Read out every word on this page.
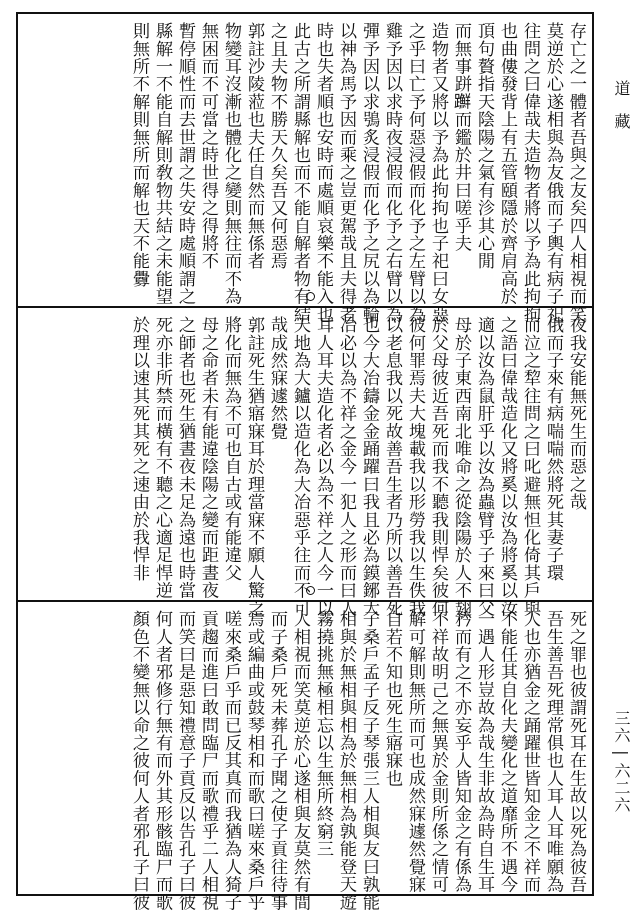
存亡之一體者吾與之友矣四人相視而笑
莫逆於心遂相與為友俄而子輿有病子祀
往問之曰偉哉夫造物者將以予為此拘拘
也曲僂發背上有五管頤隱於齊肩高於
頂句贅指天陰陽之氣有沴其心閒
而無事跰𨇤而鑑於井曰嗟乎夫
造物者又將以予為此拘拘也子祀曰女惡
之乎曰亡予何惡浸假而化予之左臂以為
雞予因以求時夜浸假而化予之右臂以為
彈予因以求鴞炙浸假而化予之尻以為輪
以神為馬予因而乘之豈更駕哉且夫得者
時也失者順也安時而處順哀樂不能入也
此古之所謂縣解也而不能自解者物有結
之且夫物不勝天久矣吾又何惡焉
郭註沙陵蒞也夫任自然而無係者
物變耳沒漸也體化之變則無往而不為
無困而不可當之時世得之得將不
暫停順性而去世謂之失安時處順謂之
縣解一不能自解則敎物共結之未能望
則無所不解則無所而解也天不能釁
夜我安能無死生而惡之哉
俄而子來有病喘喘然將死其妻子環
而泣之犂往問之曰叱避無怛化倚其戶與
之語曰偉哉造化又將奚以汝為將奚以汝
適以汝為鼠肝乎以汝為蟲臂乎子來曰父
母於子東西南北唯命之從陰陽於人不翅
於父母彼近吾死而我不聽我則悍矣彼何
彼何罪焉夫大塊載我以形勞我以生佚我
以老息我以死故善吾生者乃所以善吾死
也今大冶鑄金金踊躍曰我且必為鏌鋣大
冶必以為不祥之金今一犯人之形而曰人
耳人耳夫造化者必以為不祥之人今一以
天地為大鑪以造化為大冶惡乎往而不可
哉成然寐遽然覺
郭註死生猶寤寐耳於理當寐不願人驚之
將化而無為不可也自古或有能違父
母之命者未有能違陰陽之變而距晝夜
之師者也死生猶晝夜未足為遠也時當
死亦非所禁而橫有不聽之心適足悍逆
於理以速其死其死之速由於我悍非
死之罪也彼謂死耳在生故以死為彼吾
吾生善吾死理常俱也人耳人耳唯願為
人也亦猶金之踊躍世皆知金之不祥而
不能任其自化夫變化之道靡所不遇今
一遇人形豈故為哉生非故為時自生耳
矜而有之不亦妄乎人皆知金之有係為
不祥故明己之無異於金則所係之情可
解可解則無所而可也成然寐遽然覺寐
自若不知也死生寤寐也
子桑戶孟子反子琴張三人相與友曰孰能
相與於無相與相為於無相為孰能登天遊
霧撓挑無極相忘以生無所終窮三
人相視而笑莫逆於心遂相與友莫然有間
而子桑戶死未葬孔子聞之使子貢往待事
焉或編曲或鼓琴相和而歌曰嗟來桑戶乎
嗟來桑戶乎而已反其真而我猶為人猗子
貢趨而進曰敢問臨尸而歌禮乎二人相視
而笑曰是惡知禮意子貢反以告孔子曰彼
何人者邪修行無有而外其形骸臨尸而歌
顏色不變無以命之彼何人者邪孔子曰彼
道 藏
三六 | 六二六
